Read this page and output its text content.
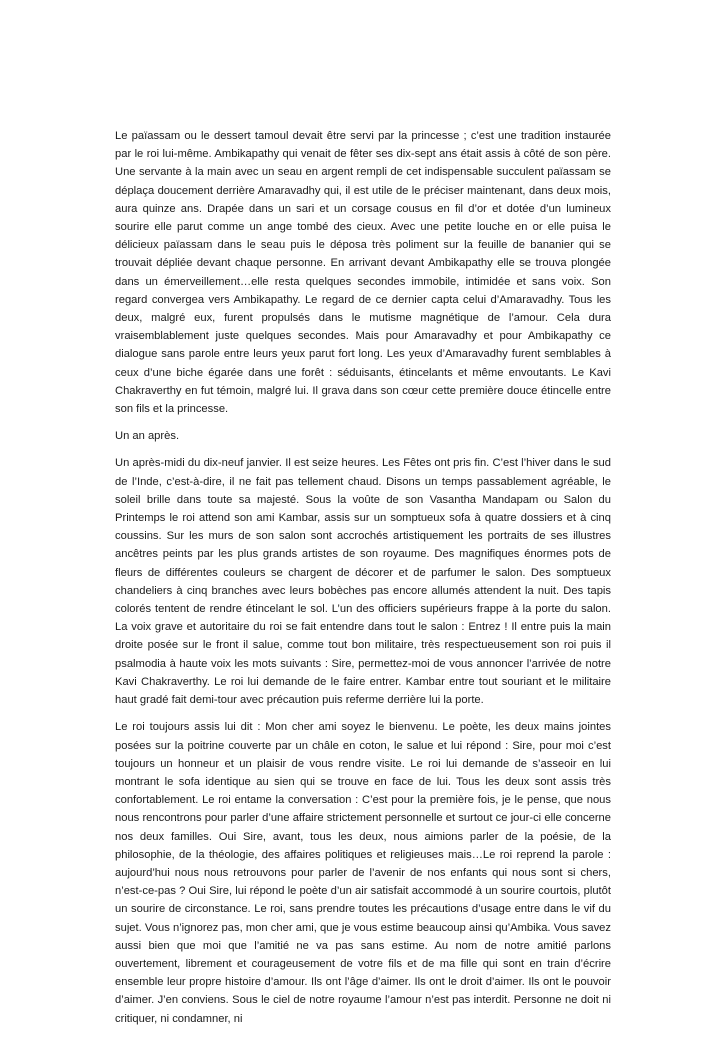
Le païassam ou le dessert tamoul devait être servi par la princesse ; c’est une tradition instaurée par le roi lui-même. Ambikapathy qui venait de fêter ses dix-sept ans était assis à côté de son père. Une servante à la main avec un seau en argent rempli de cet indispensable succulent païassam se déplaça doucement derrière Amaravadhy qui, il est utile de le préciser maintenant, dans deux mois, aura quinze ans. Drapée dans un sari et un corsage cousus en fil d’or et dotée d’un lumineux sourire elle parut comme un ange tombé des cieux. Avec une petite louche en or elle puisa le délicieux païassam dans le seau puis le déposa très poliment sur la feuille de bananier qui se trouvait dépliée devant chaque personne. En arrivant devant Ambikapathy elle se trouva plongée dans un émerveillement…elle resta quelques secondes immobile, intimidée et sans voix. Son regard convergea vers Ambikapathy. Le regard de ce dernier capta celui d’Amaravadhy. Tous les deux, malgré eux, furent propulsés dans le mutisme magnétique de l’amour. Cela dura vraisemblablement juste quelques secondes. Mais pour Amaravadhy et pour Ambikapathy ce dialogue sans parole entre leurs yeux parut fort long. Les yeux d’Amaravadhy furent semblables à ceux d’une biche égarée dans une forêt : séduisants, étincelants et même envoutants. Le Kavi Chakraverthy en fut témoin, malgré lui. Il grava dans son cœur cette première douce étincelle entre son fils et la princesse.

Un an après.

Un après-midi du dix-neuf janvier. Il est seize heures. Les Fêtes ont pris fin. C’est l’hiver dans le sud de l’Inde, c’est-à-dire, il ne fait pas tellement chaud. Disons un temps passablement agréable, le soleil brille dans toute sa majesté. Sous la voûte de son Vasantha Mandapam ou Salon du Printemps le roi attend son ami Kambar, assis sur un somptueux sofa à quatre dossiers et à cinq coussins. Sur les murs de son salon sont accrochés artistiquement les portraits de ses illustres ancêtres peints par les plus grands artistes de son royaume. Des magnifiques énormes pots de fleurs de différentes couleurs se chargent de décorer et de parfumer le salon. Des somptueux chandeliers à cinq branches avec leurs bobèches pas encore allumés attendent la nuit. Des tapis colorés tentent de rendre étincelant le sol. L’un des officiers supérieurs frappe à la porte du salon. La voix grave et autoritaire du roi se fait entendre dans tout le salon : Entrez ! Il entre puis la main droite posée sur le front il salue, comme tout bon militaire, très respectueusement son roi puis il psalmodia à haute voix les mots suivants : Sire, permettez-moi de vous annoncer l’arrivée de notre Kavi Chakraverthy. Le roi lui demande de le faire entrer. Kambar entre tout souriant et le militaire haut gradé fait demi-tour avec précaution puis referme derrière lui la porte.

Le roi toujours assis lui dit : Mon cher ami soyez le bienvenu. Le poète, les deux mains jointes posées sur la poitrine couverte par un châle en coton, le salue et lui répond : Sire, pour moi c’est toujours un honneur et un plaisir de vous rendre visite. Le roi lui demande de s’asseoir en lui montrant le sofa identique au sien qui se trouve en face de lui. Tous les deux sont assis très confortablement. Le roi entame la conversation : C’est pour la première fois, je le pense, que nous nous rencontrons pour parler d’une affaire strictement personnelle et surtout ce jour-ci elle concerne nos deux familles. Oui Sire, avant, tous les deux, nous aimions parler de la poésie, de la philosophie, de la théologie, des affaires politiques et religieuses mais…Le roi reprend la parole : aujourd’hui nous nous retrouvons pour parler de l’avenir de nos enfants qui nous sont si chers, n’est-ce-pas ? Oui Sire, lui répond le poète d’un air satisfait accommodé à un sourire courtois, plutôt un sourire de circonstance. Le roi, sans prendre toutes les précautions d’usage entre dans le vif du sujet. Vous n’ignorez pas, mon cher ami, que je vous estime beaucoup ainsi qu’Ambika. Vous savez aussi bien que moi que l’amitié ne va pas sans estime. Au nom de notre amitié parlons ouvertement, librement et courageusement de votre fils et de ma fille qui sont en train d’écrire ensemble leur propre histoire d’amour. Ils ont l’âge d’aimer. Ils ont le droit d’aimer. Ils ont le pouvoir d’aimer. J’en conviens. Sous le ciel de notre royaume l’amour n’est pas interdit. Personne ne doit ni critiquer, ni condamner, ni
